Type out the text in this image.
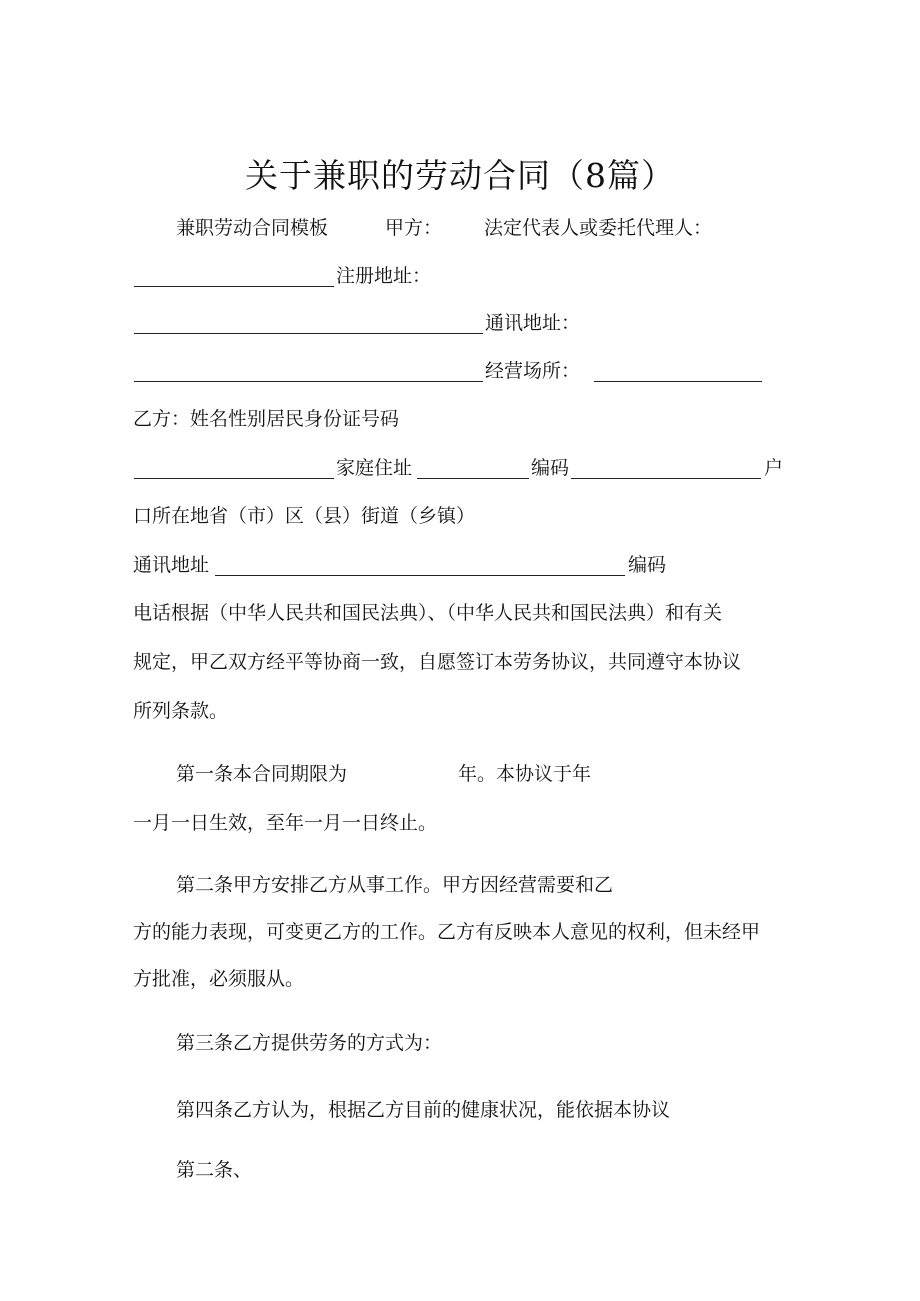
关于兼职的劳动合同（8篇）
兼职劳动合同模板	甲方： 法定代表人或委托代理人：
注册地址：
通讯地址：
经营场所：
乙方：姓名性别居民身份证号码
家庭住址	编码	户
口所在地省（市）区（县）街道（乡镇）
通讯地址	编码
电话根据（中华人民共和国民法典）、（中华人民共和国民法典）和有关
规定，甲乙双方经平等协商一致，自愿签订本劳务协议，共同遵守本协议
所列条款。
第一条本合同期限为	年。本协议于年
一月一日生效，至年一月一日终止。
第二条甲方安排乙方从事工作。甲方因经营需要和乙
方的能力表现，可变更乙方的工作。乙方有反映本人意见的权利，但未经甲
方批准，必须服从。
第三条乙方提供劳务的方式为：
第四条乙方认为，根据乙方目前的健康状况，能依据本协议
第二条、
